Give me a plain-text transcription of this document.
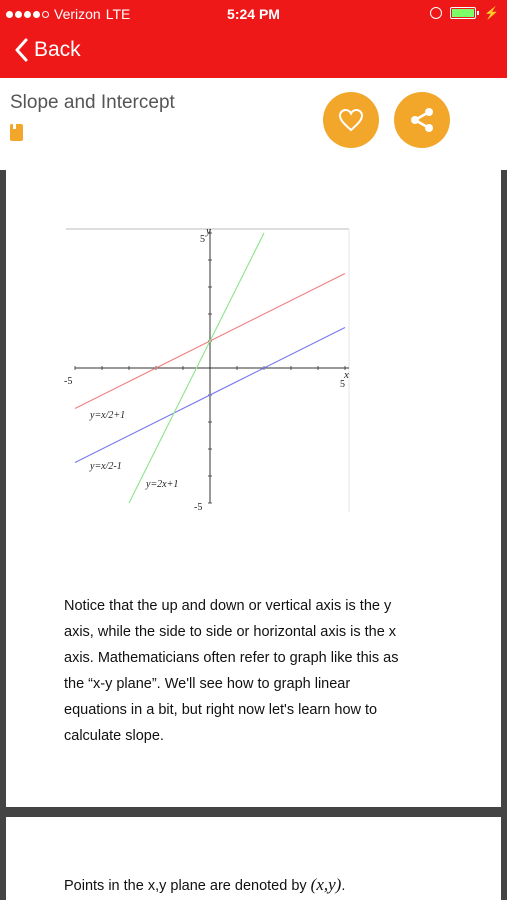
Verizon LTE	5:24 PM	⚡
Back
Slope and Intercept
x
y
-5	5
5
-5
y=x/2+1
y=x/2-1
y=2x+1
Notice that the up and down or vertical axis is the y
axis, while the side to side or horizontal axis is the x
axis. Mathematicians often refer to graph like this as
the “x-y plane”. We'll see how to graph linear
equations in a bit, but right now let's learn how to
calculate slope.
Points in the x,y plane are denoted by (x,y).
